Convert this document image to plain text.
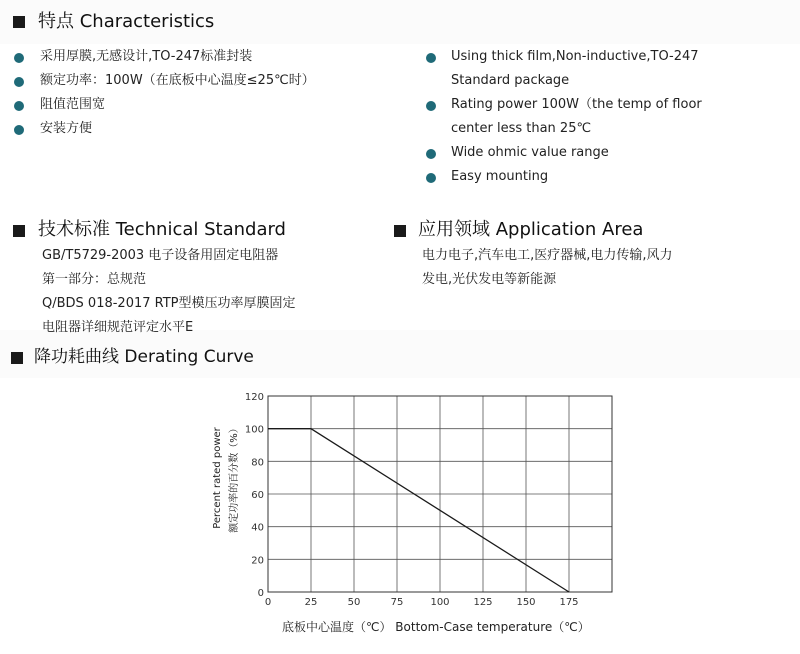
特点 Characteristics
采用厚膜,无感设计,TO-247标准封装
额定功率：100W（在底板中心温度≤25℃时）
阻值范围宽
安装方便
Using thick film,Non-inductive,TO-247
Standard package
Rating power 100W（the temp of floor
center less than 25℃
Wide ohmic value range
Easy mounting
技术标准 Technical Standard
GB/T5729-2003 电子设备用固定电阻器
第一部分：总规范
Q/BDS 018-2017 RTP型模压功率厚膜固定
电阻器详细规范评定水平E
应用领域 Application Area
电力电子,汽车电工,医疗器械,电力传输,风力
发电,光伏发电等新能源
降功耗曲线 Derating Curve
0	25	50	75	100 125 150 175
0
20
40
60
80
100
120
额定功率的百分数（%）
Percent rated power
底板中心温度（℃） Bottom-Case temperature（℃）
